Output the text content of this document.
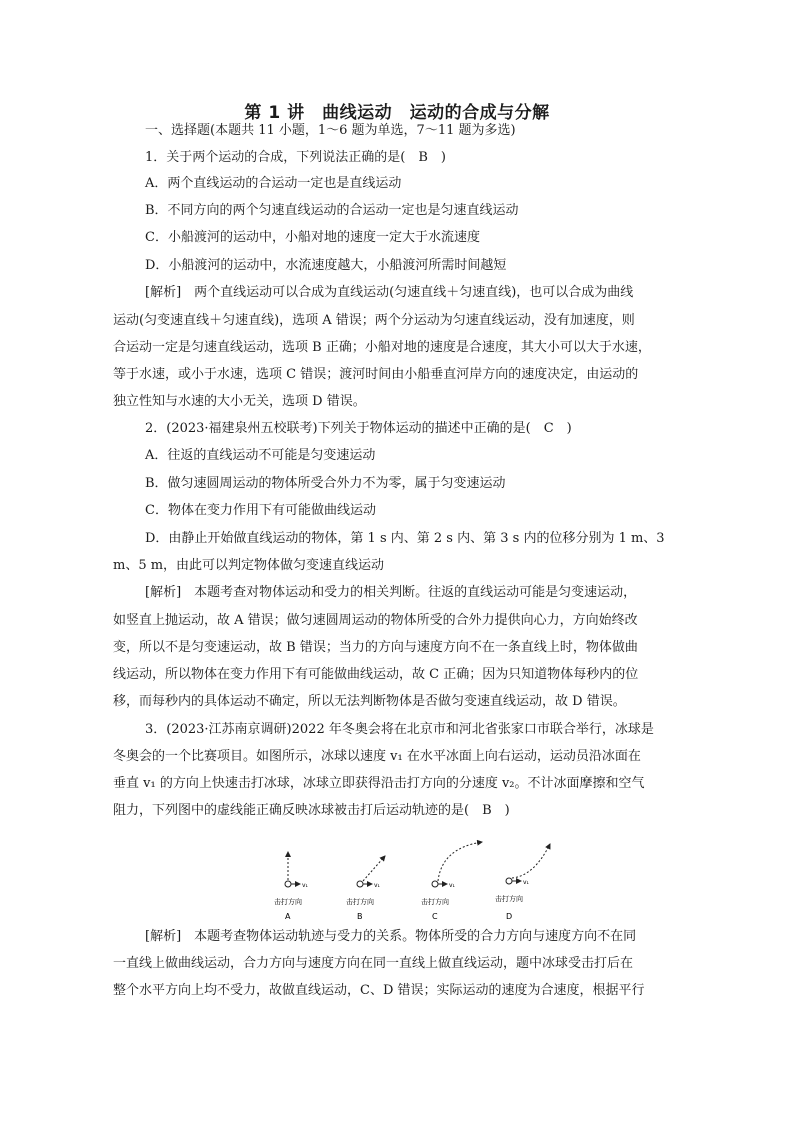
第 1 讲　曲线运动　运动的合成与分解
一、选择题(本题共 11 小题，1～6 题为单选，7～11 题为多选)
1．关于两个运动的合成，下列说法正确的是(　B　)
A．两个直线运动的合运动一定也是直线运动
B．不同方向的两个匀速直线运动的合运动一定也是匀速直线运动
C．小船渡河的运动中，小船对地的速度一定大于水流速度
D．小船渡河的运动中，水流速度越大，小船渡河所需时间越短
[解析]　两个直线运动可以合成为直线运动(匀速直线＋匀速直线)，也可以合成为曲线
运动(匀变速直线＋匀速直线)，选项 A 错误；两个分运动为匀速直线运动，没有加速度，则
合运动一定是匀速直线运动，选项 B 正确；小船对地的速度是合速度，其大小可以大于水速，
等于水速，或小于水速，选项 C 错误；渡河时间由小船垂直河岸方向的速度决定，由运动的
独立性知与水速的大小无关，选项 D 错误。
2．(2023·福建泉州五校联考)下列关于物体运动的描述中正确的是(　C　)
A．往返的直线运动不可能是匀变速运动
B．做匀速圆周运动的物体所受合外力不为零，属于匀变速运动
C．物体在变力作用下有可能做曲线运动
D．由静止开始做直线运动的物体，第 1 s 内、第 2 s 内、第 3 s 内的位移分别为 1 m、3
m、5 m，由此可以判定物体做匀变速直线运动
[解析]　本题考查对物体运动和受力的相关判断。往返的直线运动可能是匀变速运动，
如竖直上抛运动，故 A 错误；做匀速圆周运动的物体所受的合外力提供向心力，方向始终改
变，所以不是匀变速运动，故 B 错误；当力的方向与速度方向不在一条直线上时，物体做曲
线运动，所以物体在变力作用下有可能做曲线运动，故 C 正确；因为只知道物体每秒内的位
移，而每秒内的具体运动不确定，所以无法判断物体是否做匀变速直线运动，故 D 错误。
3．(2023·江苏南京调研)2022 年冬奥会将在北京市和河北省张家口市联合举行，冰球是
冬奥会的一个比赛项目。如图所示，冰球以速度 v₁ 在水平冰面上向右运动，运动员沿冰面在
垂直 v₁ 的方向上快速击打冰球，冰球立即获得沿击打方向的分速度 v₂。不计冰面摩擦和空气
阻力，下列图中的虚线能正确反映冰球被击打后运动轨迹的是(　B　)
[解析]　本题考查物体运动轨迹与受力的关系。物体所受的合力方向与速度方向不在同
一直线上做曲线运动，合力方向与速度方向在同一直线上做直线运动，题中冰球受击打后在
整个水平方向上均不受力，故做直线运动，C、D 错误；实际运动的速度为合速度，根据平行
v₁
击打方向
A
v₁
击打方向
B
v₁
击打方向
C
v₁
击打方向
D
